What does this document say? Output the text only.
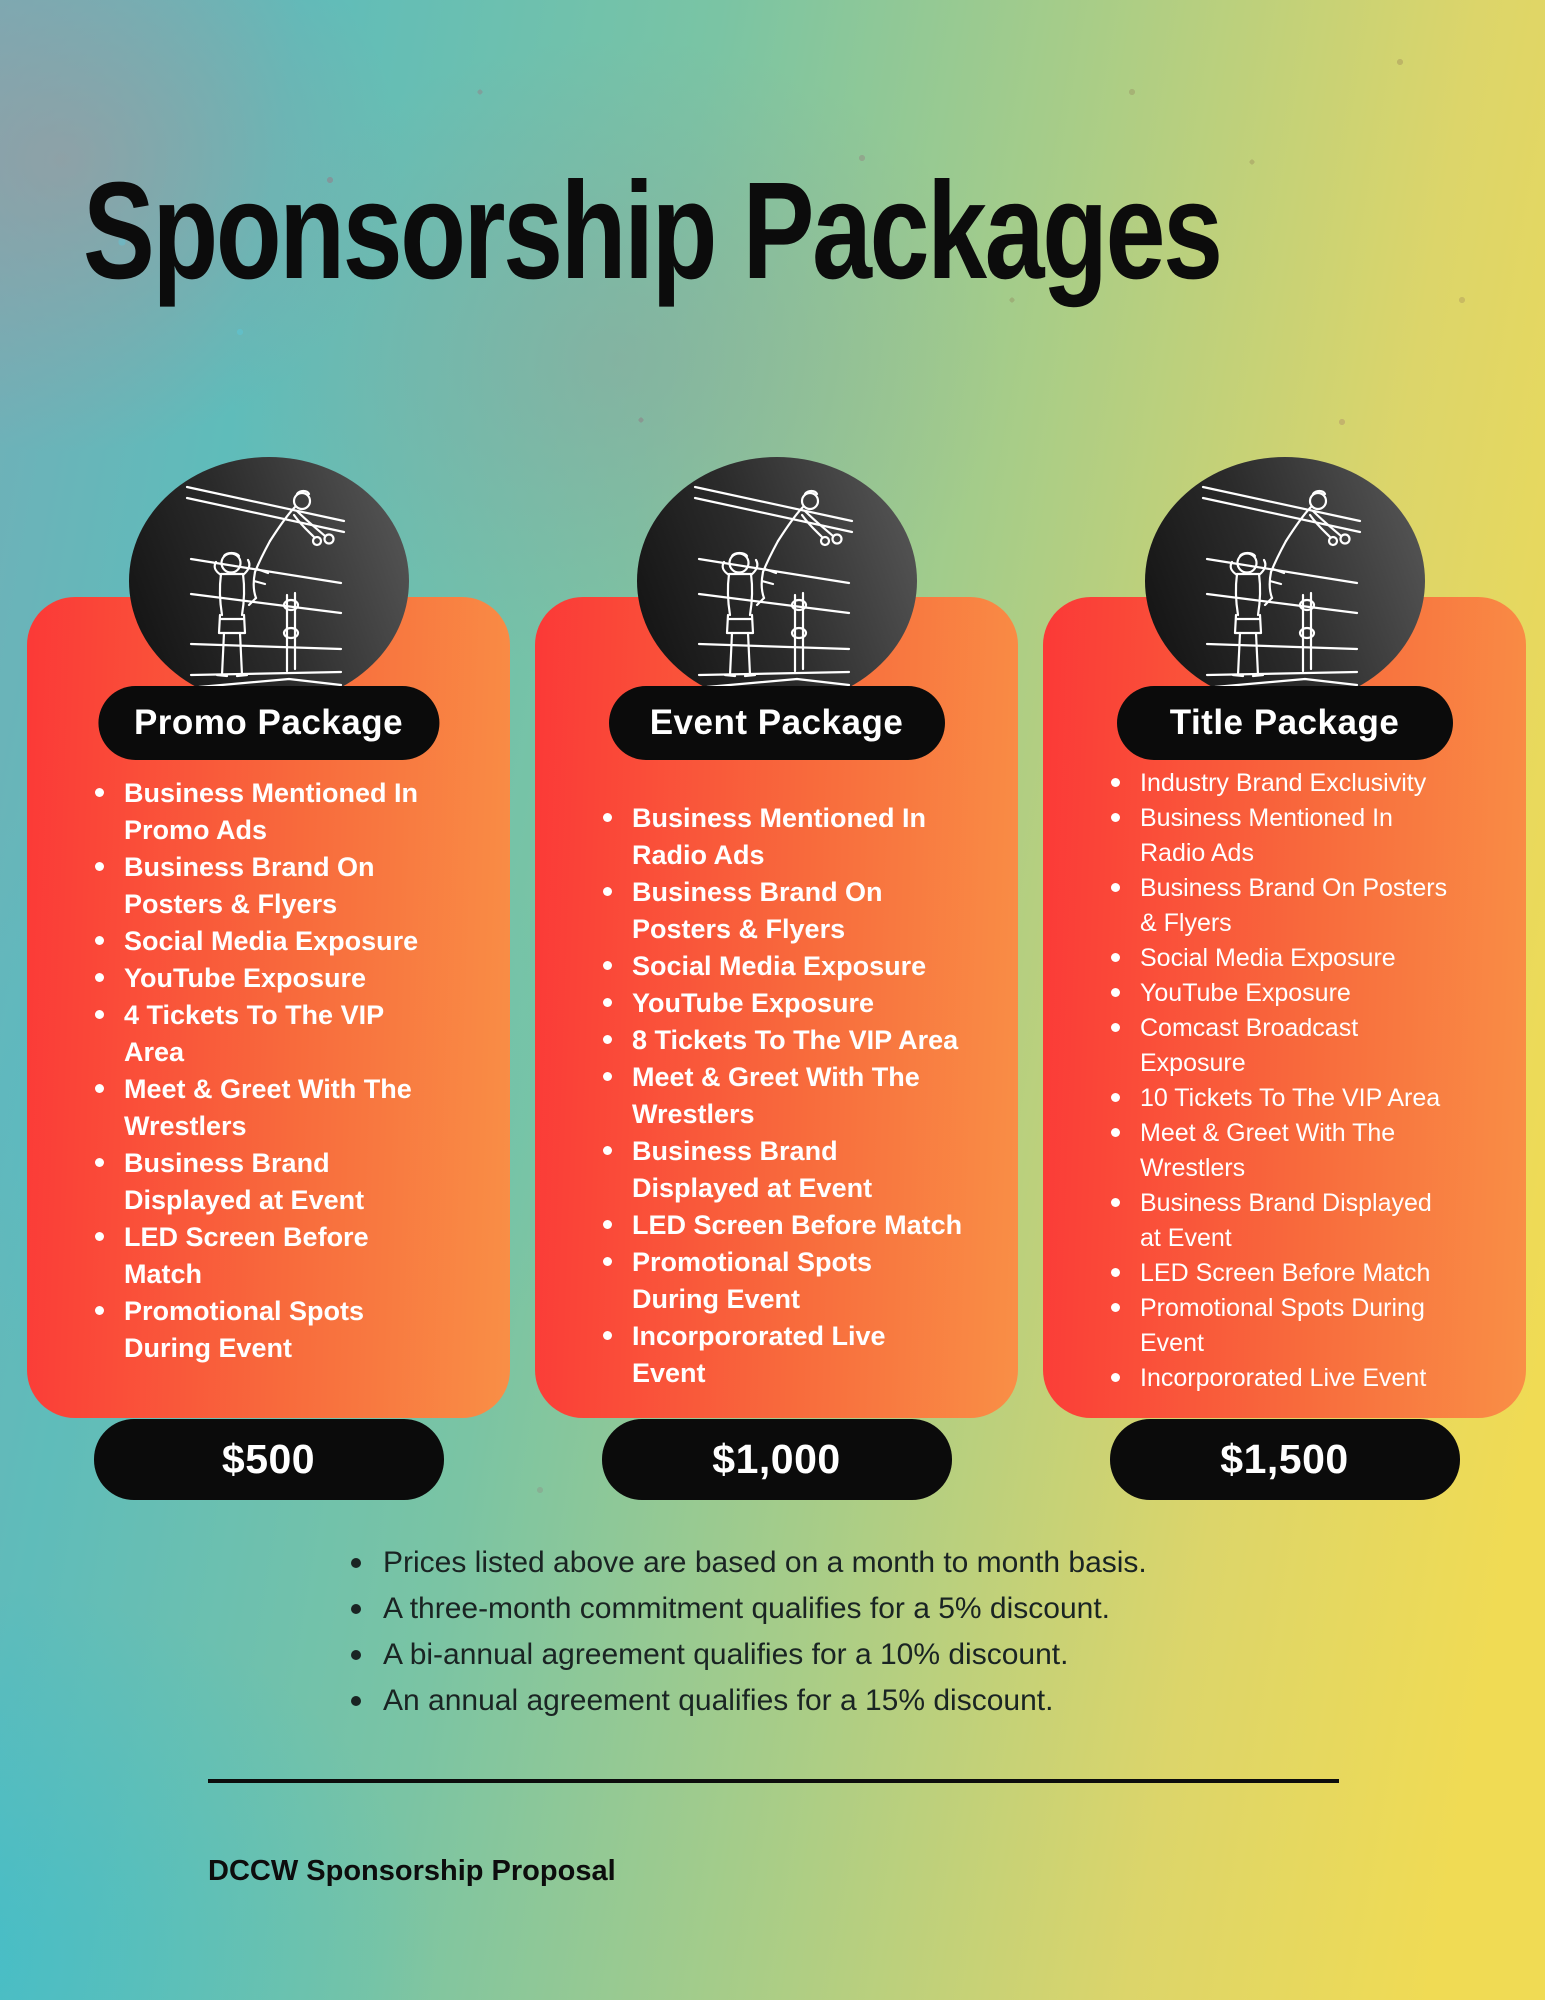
Sponsorship Packages
Promo Package
Business Mentioned In Promo Ads
Business Brand On Posters & Flyers
Social Media Exposure
YouTube Exposure
4 Tickets To The VIP Area
Meet & Greet With The Wrestlers
Business Brand Displayed at Event
LED Screen Before Match
Promotional Spots During Event
$500
Event Package
Business Mentioned In Radio Ads
Business Brand On Posters & Flyers
Social Media Exposure
YouTube Exposure
8 Tickets To The VIP Area
Meet & Greet With The Wrestlers
Business Brand Displayed at Event
LED Screen Before Match
Promotional Spots During Event
Incorpororated Live Event
$1,000
Title Package
Industry Brand Exclusivity
Business Mentioned In Radio Ads
Business Brand On Posters & Flyers
Social Media Exposure
YouTube Exposure
Comcast Broadcast Exposure
10 Tickets To The VIP Area
Meet & Greet With The Wrestlers
Business Brand Displayed at Event
LED Screen Before Match
Promotional Spots During Event
Incorpororated Live Event
$1,500
Prices listed above are based on a month to month basis.
A three-month commitment qualifies for a 5% discount.
A bi-annual agreement qualifies for a 10% discount.
An annual agreement qualifies for a 15% discount.
DCCW Sponsorship Proposal
